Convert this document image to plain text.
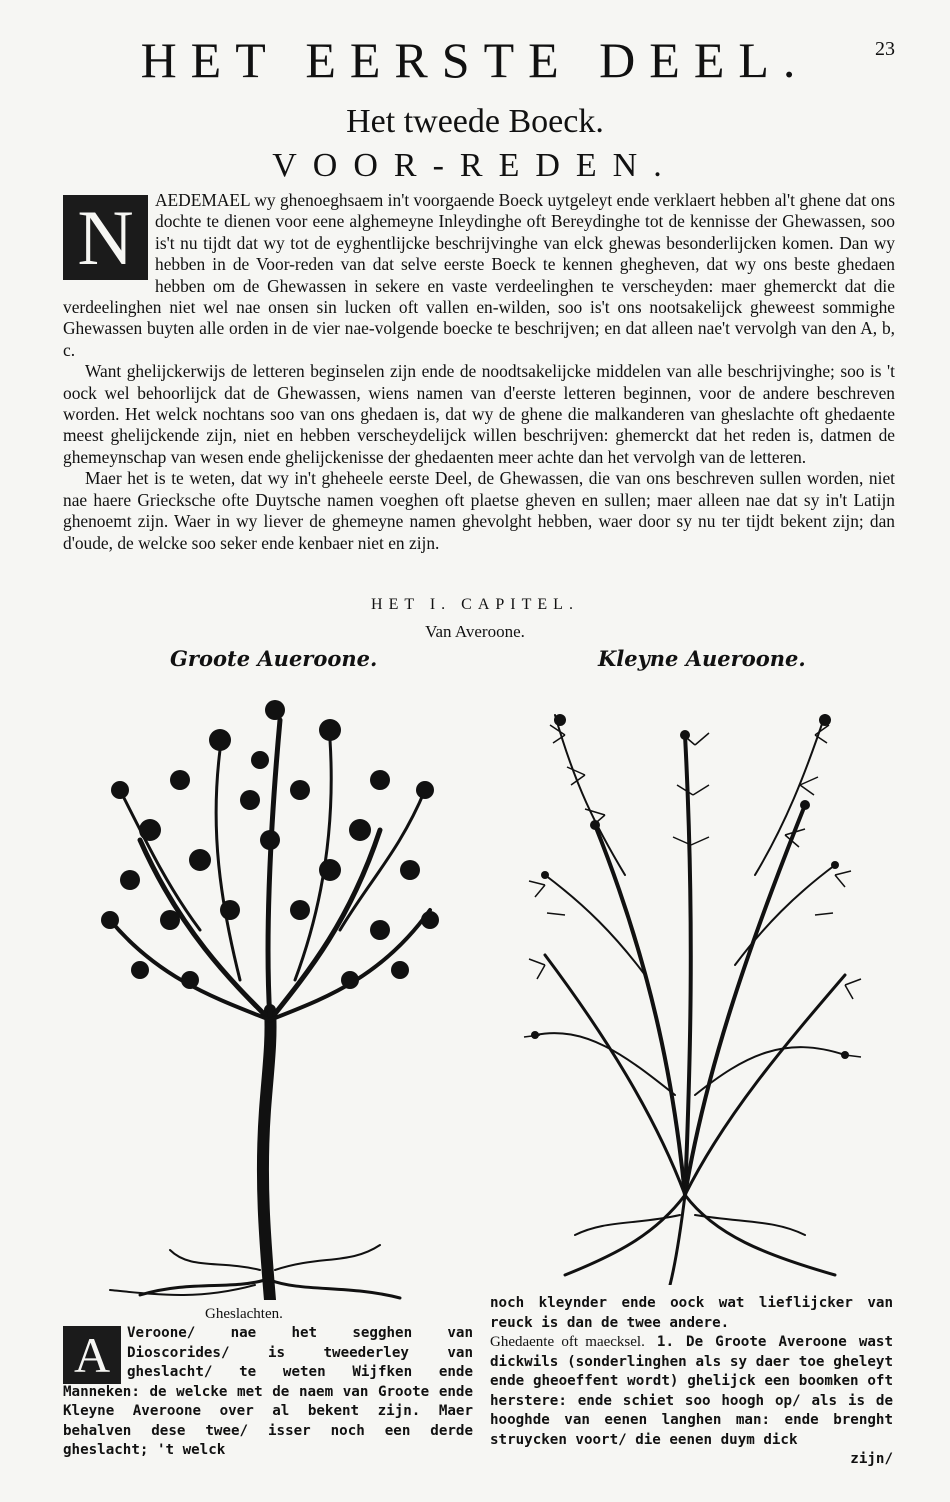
HET EERSTE DEEL.	23
Het tweede Boeck.
VOOR-REDEN.
N	AEDEMAEL wy ghenoeghsaem in't voorgaende Boeck uytgeleyt ende verklaert hebben al't ghene dat ons dochte te dienen voor eene alghemeyne Inleydinghe oft Bereydinghe tot de kennisse der Ghewassen, soo is't nu tijdt dat wy tot de eyghentlijcke beschrijvinghe van elck ghewas besonderlijcken komen. Dan wy hebben in de Voor-reden van dat selve eerste Boeck te kennen ghegheven, dat wy ons beste ghedaen hebben om de Ghewassen in sekere en vaste verdeelinghen te verscheyden: maer ghemerckt dat die verdeelinghen niet wel nae onsen sin lucken oft vallen en-wilden, soo is't ons nootsakelijck gheweest sommighe Ghewassen buyten alle orden in de vier nae-volgende boecke te beschrijven; en dat alleen nae't vervolgh van den A, b, c.

Want ghelijckerwijs de letteren beginselen zijn ende de noodtsakelijcke middelen van alle beschrijvinghe; soo is 't oock wel behoorlijck dat de Ghewassen, wiens namen van d'eerste letteren beginnen, voor de andere beschreven worden. Het welck nochtans soo van ons ghedaen is, dat wy de ghene die malkanderen van gheslachte oft ghedaente meest ghelijckende zijn, niet en hebben verscheydelijck willen beschrijven: ghemerckt dat het reden is, datmen de ghemeynschap van wesen ende ghelijckenisse der ghedaenten meer achte dan het vervolgh van de letteren.

Maer het is te weten, dat wy in't gheheele eerste Deel, de Ghewassen, die van ons beschreven sullen worden, niet nae haere Griecksche ofte Duytsche namen voeghen oft plaetse gheven en sullen; maer alleen nae dat sy in't Latijn ghenoemt zijn. Waer in wy liever de ghemeyne namen ghevolght hebben, waer door sy nu ter tijdt bekent zijn; dan d'oude, de welcke soo seker ende kenbaer niet en zijn.

HET I. CAPITEL.
Van Averoone.
Groote Aueroone.	Kleyne Aueroone.
Gheslachten.
A	Veroone/ nae het segghen van Dioscorides/ is tweederley van gheslacht/ te weten Wijfken ende Manneken: de welcke met de naem van Groote ende Kleyne Averoone over al bekent zijn. Maer behalven dese twee/ isser noch een derde gheslacht; 't welck

noch kleynder ende oock wat lieflijcker van reuck is dan de twee andere.

Ghedaente oft maecksel. 1. De Groote Averoone wast dickwils (sonderlinghen als sy daer toe gheleyt ende gheoeffent wordt) ghelijck een boomken oft herstere: ende schiet soo hoogh op/ als is de hooghde van eenen langhen man: ende brenght struycken voort/ die eenen duym dick

zijn/
